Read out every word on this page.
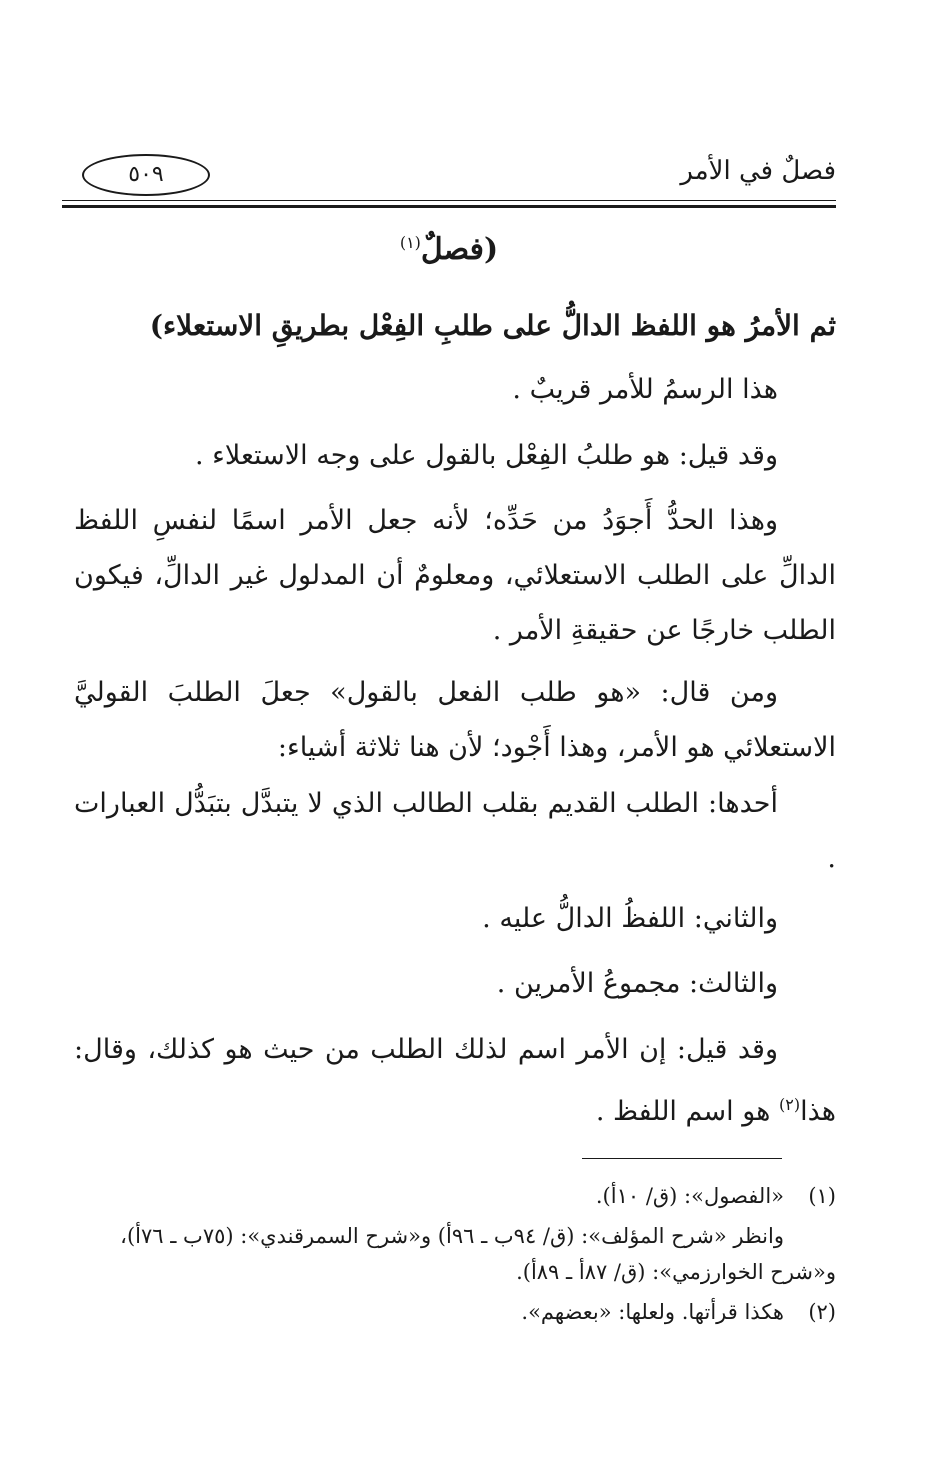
فصلٌ في الأمر
٥٠٩
(فصلٌ$^{(١)}$
ثم الأمرُ هو اللفظ الدالُّ على طلبِ الفِعْل بطريقِ الاستعلاء)
هذا الرسمُ للأمر قريبٌ .
وقد قيل: هو طلبُ الفِعْل بالقول على وجه الاستعلاء .
وهذا الحدُّ أَجوَدُ من حَدِّه؛ لأنه جعل الأمر اسمًا لنفسِ اللفظ الدالِّ على الطلب الاستعلائي، ومعلومٌ أن المدلول غير الدالِّ، فيكون الطلب خارجًا عن حقيقةِ الأمر .
ومن قال: «هو طلب الفعل بالقول» جعلَ الطلبَ القوليَّ الاستعلائي هو الأمر، وهذا أَجْود؛ لأن هنا ثلاثة أشياء:
أحدها: الطلب القديم بقلب الطالب الذي لا يتبدَّل بتبَدُّل العبارات .
والثاني: اللفظُ الدالُّ عليه .
والثالث: مجموعُ الأمرين .
وقد قيل: إن الأمر اسم لذلك الطلب من حيث هو كذلك، وقال: هذا$^{(٢)}$ هو اسم اللفظ .
(١)«الفصول»: (ق/ ١٠أ).
وانظر «شرح المؤلف»: (ق/ ٩٤ب ـ ٩٦أ) و«شرح السمرقندي»: (٧٥ب ـ ٧٦أ)، و«شرح الخوارزمي»: (ق/ ٨٧أ ـ ٨٩أ).
(٢)هكذا قرأتها. ولعلها: «بعضهم».
